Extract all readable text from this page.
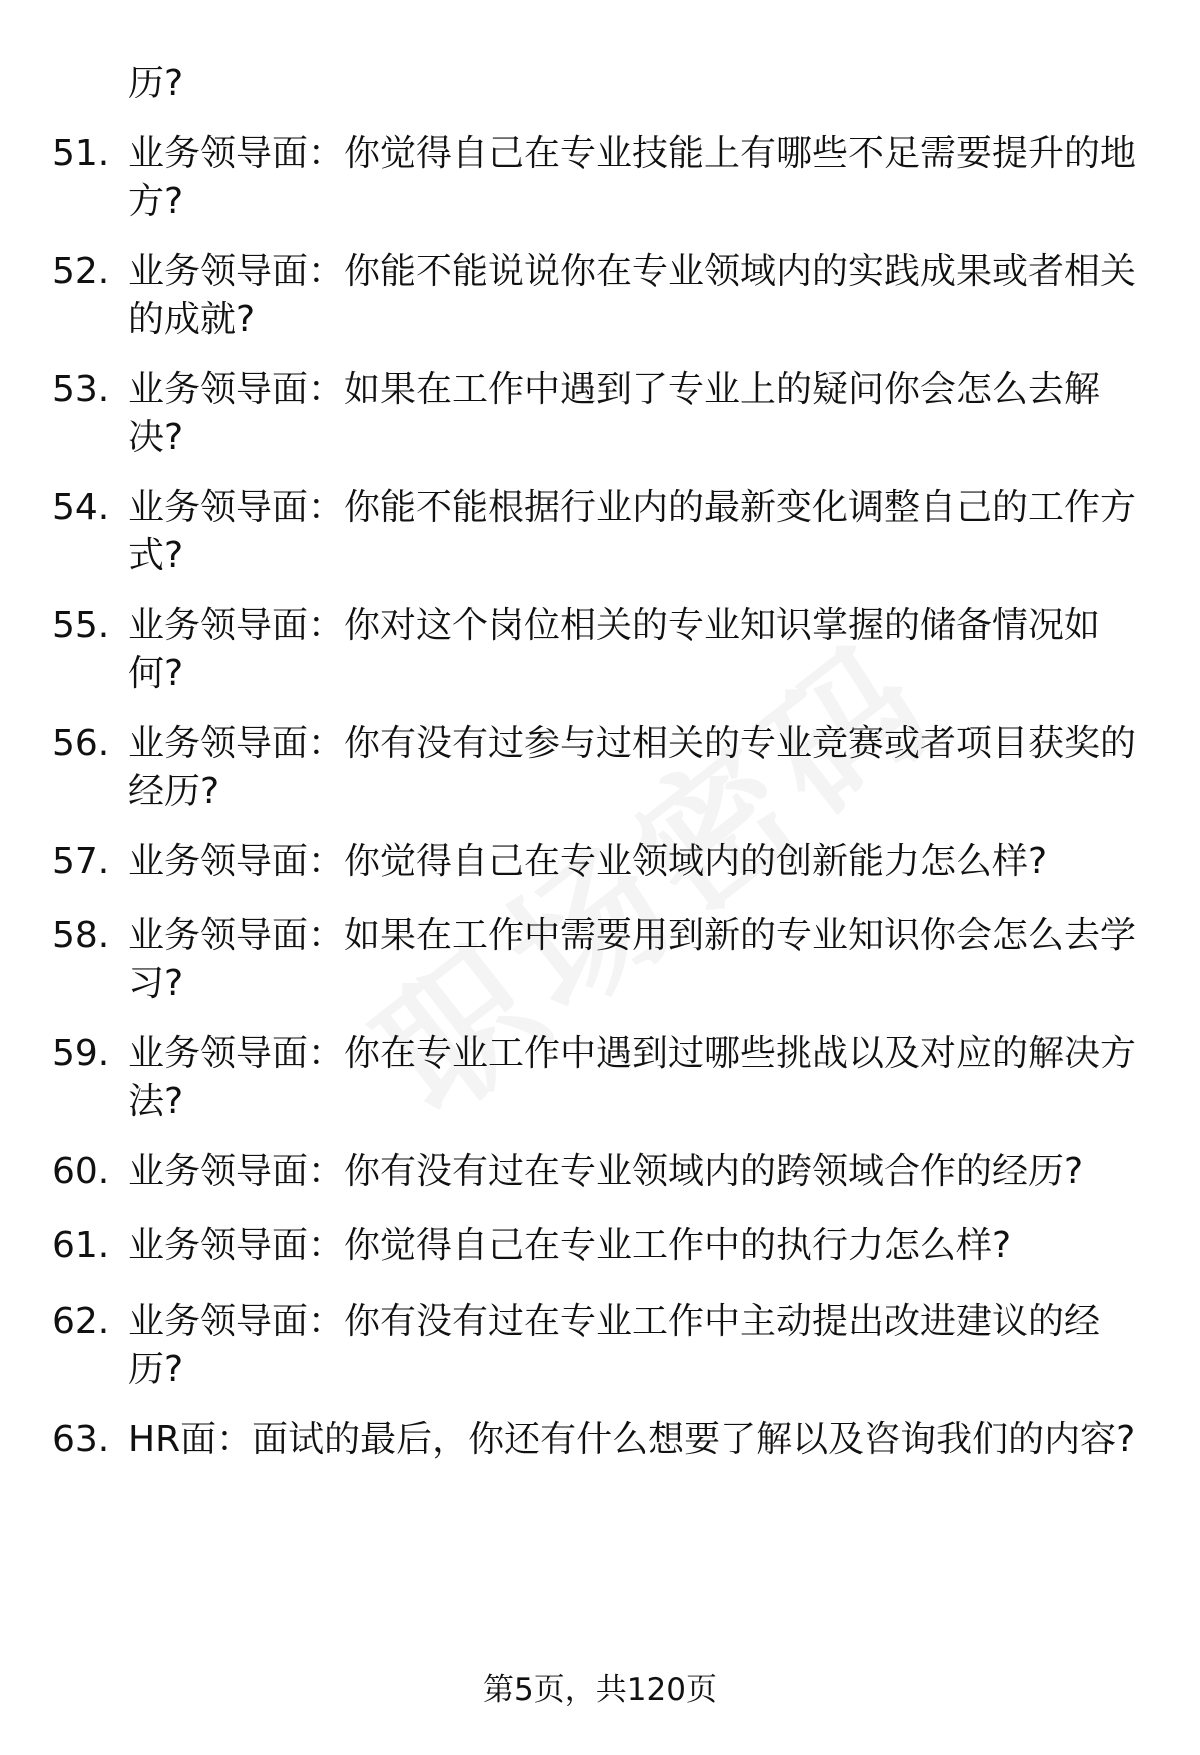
历?
51. 业务领导面：你觉得自己在专业技能上有哪些不足需要提升的地方?
52. 业务领导面：你能不能说说你在专业领域内的实践成果或者相关的成就?
53. 业务领导面：如果在工作中遇到了专业上的疑问你会怎么去解决?
54. 业务领导面：你能不能根据行业内的最新变化调整自己的工作方式?
55. 业务领导面：你对这个岗位相关的专业知识掌握的储备情况如何?
56. 业务领导面：你有没有过参与过相关的专业竞赛或者项目获奖的经历?
57. 业务领导面：你觉得自己在专业领域内的创新能力怎么样?
58. 业务领导面：如果在工作中需要用到新的专业知识你会怎么去学习?
59. 业务领导面：你在专业工作中遇到过哪些挑战以及对应的解决方法?
60. 业务领导面：你有没有过在专业领域内的跨领域合作的经历?
61. 业务领导面：你觉得自己在专业工作中的执行力怎么样?
62. 业务领导面：你有没有过在专业工作中主动提出改进建议的经历?
63. HR面：面试的最后，你还有什么想要了解以及咨询我们的内容?
第5页，共120页
